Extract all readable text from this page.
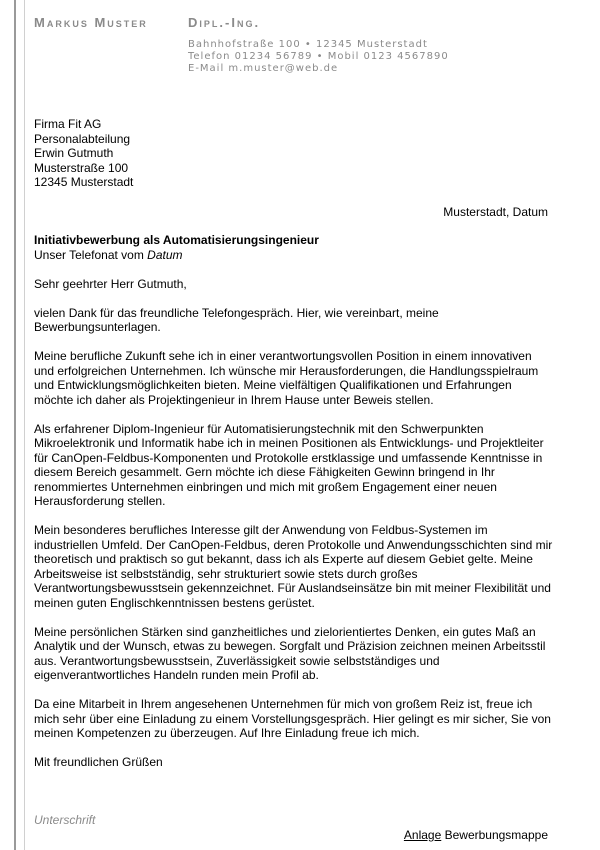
Markus Muster	Dipl.-Ing.
Bahnhofstraße 100 • 12345 Musterstadt
Telefon 01234 56789 • Mobil 0123 4567890
E-Mail m.muster@web.de
Firma Fit AG
Personalabteilung
Erwin Gutmuth
Musterstraße 100
12345 Musterstadt
Musterstadt, Datum

Initiativbewerbung als Automatisierungsingenieur
Unser Telefonat vom Datum

Sehr geehrter Herr Gutmuth,

vielen Dank für das freundliche Telefongespräch. Hier, wie vereinbart, meine Bewerbungsunterlagen.

Meine berufliche Zukunft sehe ich in einer verantwortungsvollen Position in einem innovativen und erfolgreichen Unternehmen. Ich wünsche mir Herausforderungen, die Handlungsspielraum und Entwicklungsmöglichkeiten bieten. Meine vielfältigen Qualifikationen und Erfahrungen möchte ich daher als Projektingenieur in Ihrem Hause unter Beweis stellen.

Als erfahrener Diplom-Ingenieur für Automatisierungstechnik mit den Schwerpunkten Mikroelektronik und Informatik habe ich in meinen Positionen als Entwicklungs- und Projektleiter für CanOpen-Feldbus-Komponenten und Protokolle erstklassige und umfassende Kenntnisse in diesem Bereich gesammelt. Gern möchte ich diese Fähigkeiten Gewinn bringend in Ihr renommiertes Unternehmen einbringen und mich mit großem Engagement einer neuen Herausforderung stellen.

Mein besonderes berufliches Interesse gilt der Anwendung von Feldbus-Systemen im industriellen Umfeld. Der CanOpen-Feldbus, deren Protokolle und Anwendungsschichten sind mir theoretisch und praktisch so gut bekannt, dass ich als Experte auf diesem Gebiet gelte. Meine Arbeitsweise ist selbstständig, sehr strukturiert sowie stets durch großes Verantwortungsbewusstsein gekennzeichnet. Für Auslandseinsätze bin mit meiner Flexibilität und meinen guten Englischkenntnissen bestens gerüstet.

Meine persönlichen Stärken sind ganzheitliches und zielorientiertes Denken, ein gutes Maß an Analytik und der Wunsch, etwas zu bewegen. Sorgfalt und Präzision zeichnen meinen Arbeitsstil aus. Verantwortungsbewusstsein, Zuverlässigkeit sowie selbstständiges und eigenverantwortliches Handeln runden mein Profil ab.

Da eine Mitarbeit in Ihrem angesehenen Unternehmen für mich von großem Reiz ist, freue ich mich sehr über eine Einladung zu einem Vorstellungsgespräch. Hier gelingt es mir sicher, Sie von meinen Kompetenzen zu überzeugen. Auf Ihre Einladung freue ich mich.

Mit freundlichen Grüßen

Unterschrift
Anlage Bewerbungsmappe
